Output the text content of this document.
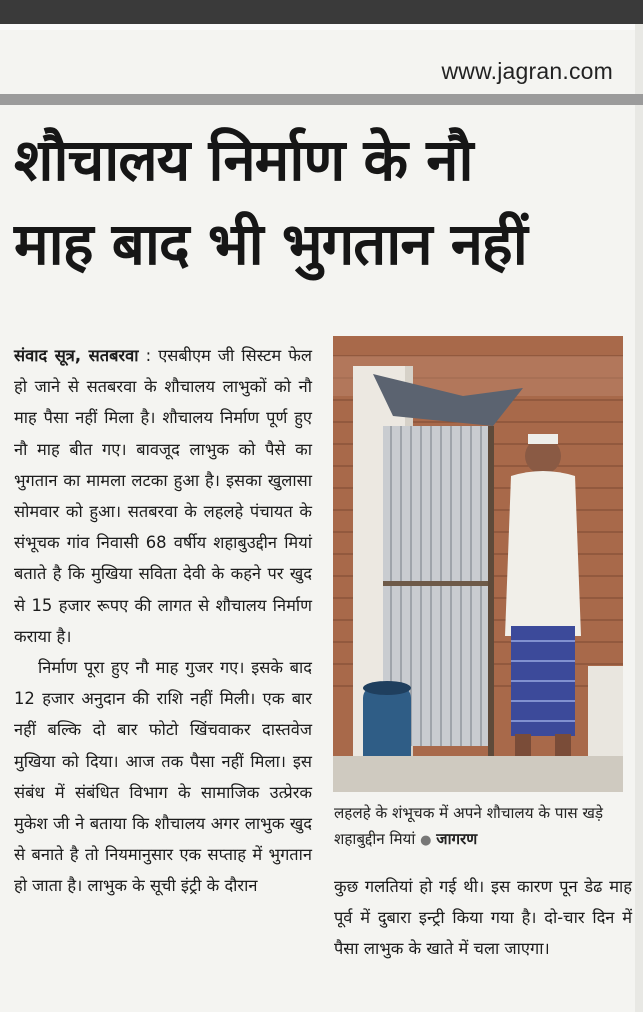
www.jagran.com
शौचालय निर्माण के नौ
माह बाद भी भुगतान नहीं

संवाद सूत्र, सतबरवा : एसबीएम जी सिस्टम फेल हो जाने से सतबरवा के शौचालय लाभुकों को नौ माह पैसा नहीं मिला है। शौचालय निर्माण पूर्ण हुए नौ माह बीत गए। बावजूद लाभुक को पैसे का भुगतान का मामला लटका हुआ है। इसका खुलासा सोमवार को हुआ। सतबरवा के लहलहे पंचायत के संभूचक गांव निवासी 68 वर्षीय शहाबुउद्दीन मियां बताते है कि मुखिया सविता देवी के कहने पर खुद से 15 हजार रूपए की लागत से शौचालय निर्माण कराया है।

निर्माण पूरा हुए नौ माह गुजर गए। इसके बाद 12 हजार अनुदान की राशि नहीं मिली। एक बार नहीं बल्कि दो बार फोटो खिंचवाकर दास्तवेज मुखिया को दिया। आज तक पैसा नहीं मिला। इस संबंध में संबंधित विभाग के सामाजिक उत्प्रेरक मुकेश जी ने बताया कि शौचालय अगर लाभुक खुद से बनाते है तो नियमानुसार एक सप्ताह में भुगतान हो जाता है। लाभुक के सूची इंट्री के दौरान

लहलहे के शंभूचक में अपने शौचालय के पास खड़े शहाबुद्दीन मियां ● जागरण

कुछ गलतियां हो गई थी। इस कारण पून डेढ माह पूर्व में दुबारा इन्ट्री किया गया है। दो-चार दिन में पैसा लाभुक के खाते में चला जाएगा।
